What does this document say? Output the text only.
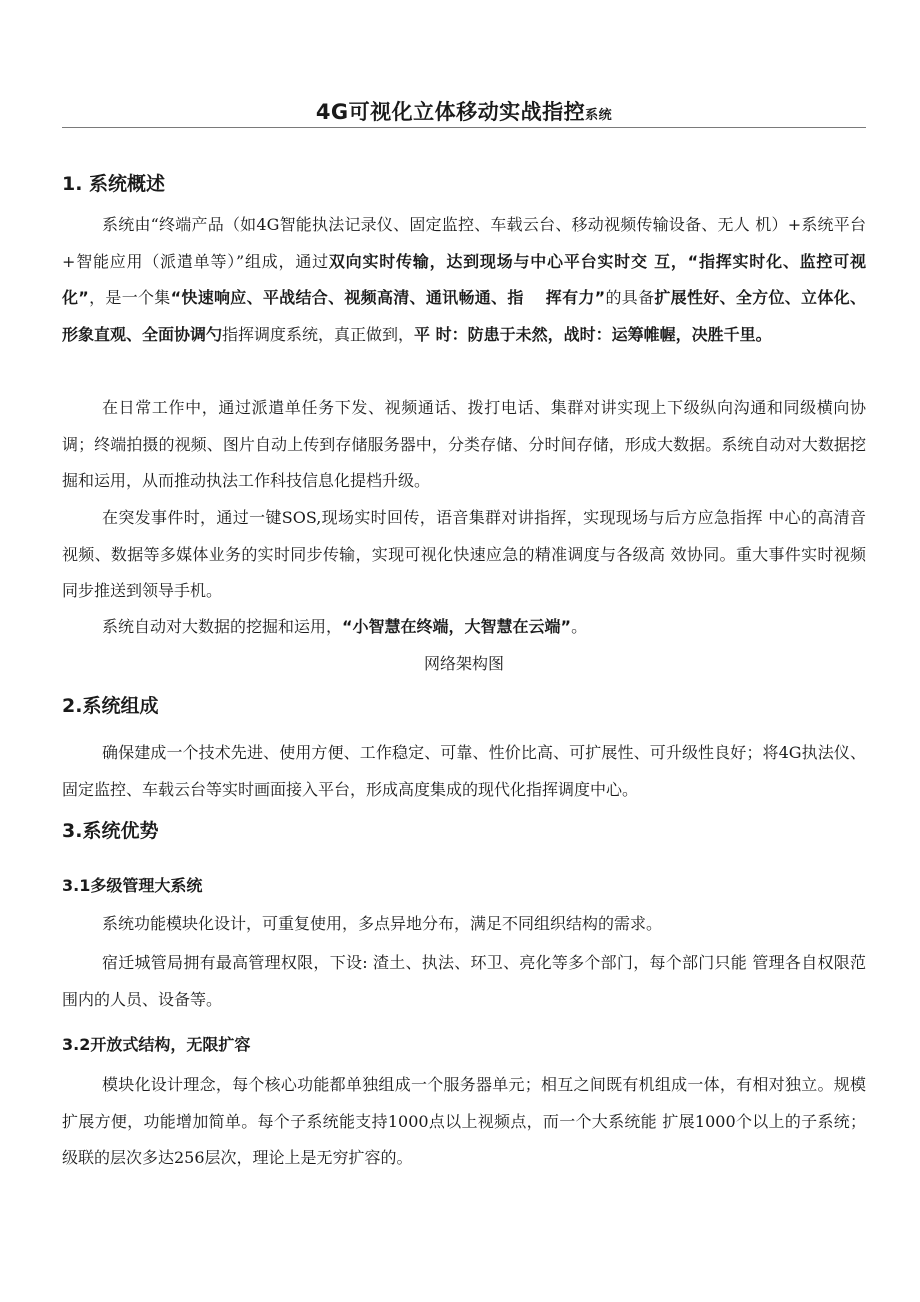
4G可视化立体移动实战指控系统
1. 系统概述
系统由“终端产品（如4G智能执法记录仪、固定监控、车载云台、移动视频传输设备、无人 机）+系统平台+智能应用（派遣单等）”组成，通过双向实时传输，达到现场与中心平台实时交 互，“指挥实时化、监控可视化”，是一个集“快速响应、平战结合、视频高清、通讯畅通、指　 挥有力”的具备扩展性好、全方位、立体化、形象直观、全面协调勺指挥调度系统，真正做到，平 时：防患于未然，战时：运筹帷幄，决胜千里。
在日常工作中，通过派遣单任务下发、视频通话、拨打电话、集群对讲实现上下级纵向沟通和同级横向协调；终端拍摄的视频、图片自动上传到存储服务器中，分类存储、分时间存储，形成大数据。系统自动对大数据挖掘和运用，从而推动执法工作科技信息化提档升级。
在突发事件时，通过一键SOS,现场实时回传，语音集群对讲指挥，实现现场与后方应急指挥 中心的高清音视频、数据等多媒体业务的实时同步传输，实现可视化快速应急的精准调度与各级高 效协同。重大事件实时视频同步推送到领导手机。
系统自动对大数据的挖掘和运用，“小智慧在终端，大智慧在云端”。
网络架构图
2.系统组成
确保建成一个技术先进、使用方便、工作稳定、可靠、性价比高、可扩展性、可升级性良好；将4G执法仪、固定监控、车载云台等实时画面接入平台，形成高度集成的现代化指挥调度中心。
3.系统优势
3.1多级管理大系统
系统功能模块化设计，可重复使用，多点异地分布，满足不同组织结构的需求。
宿迁城管局拥有最高管理权限，下设: 渣土、执法、环卫、亮化等多个部门，每个部门只能 管理各自权限范围内的人员、设备等。
3.2开放式结构，无限扩容
模块化设计理念，每个核心功能都单独组成一个服务器单元；相互之间既有机组成一体，有相对独立。规模扩展方便，功能增加简单。每个子系统能支持1000点以上视频点，而一个大系统能 扩展1000个以上的子系统；级联的层次多达256层次，理论上是无穷扩容的。
